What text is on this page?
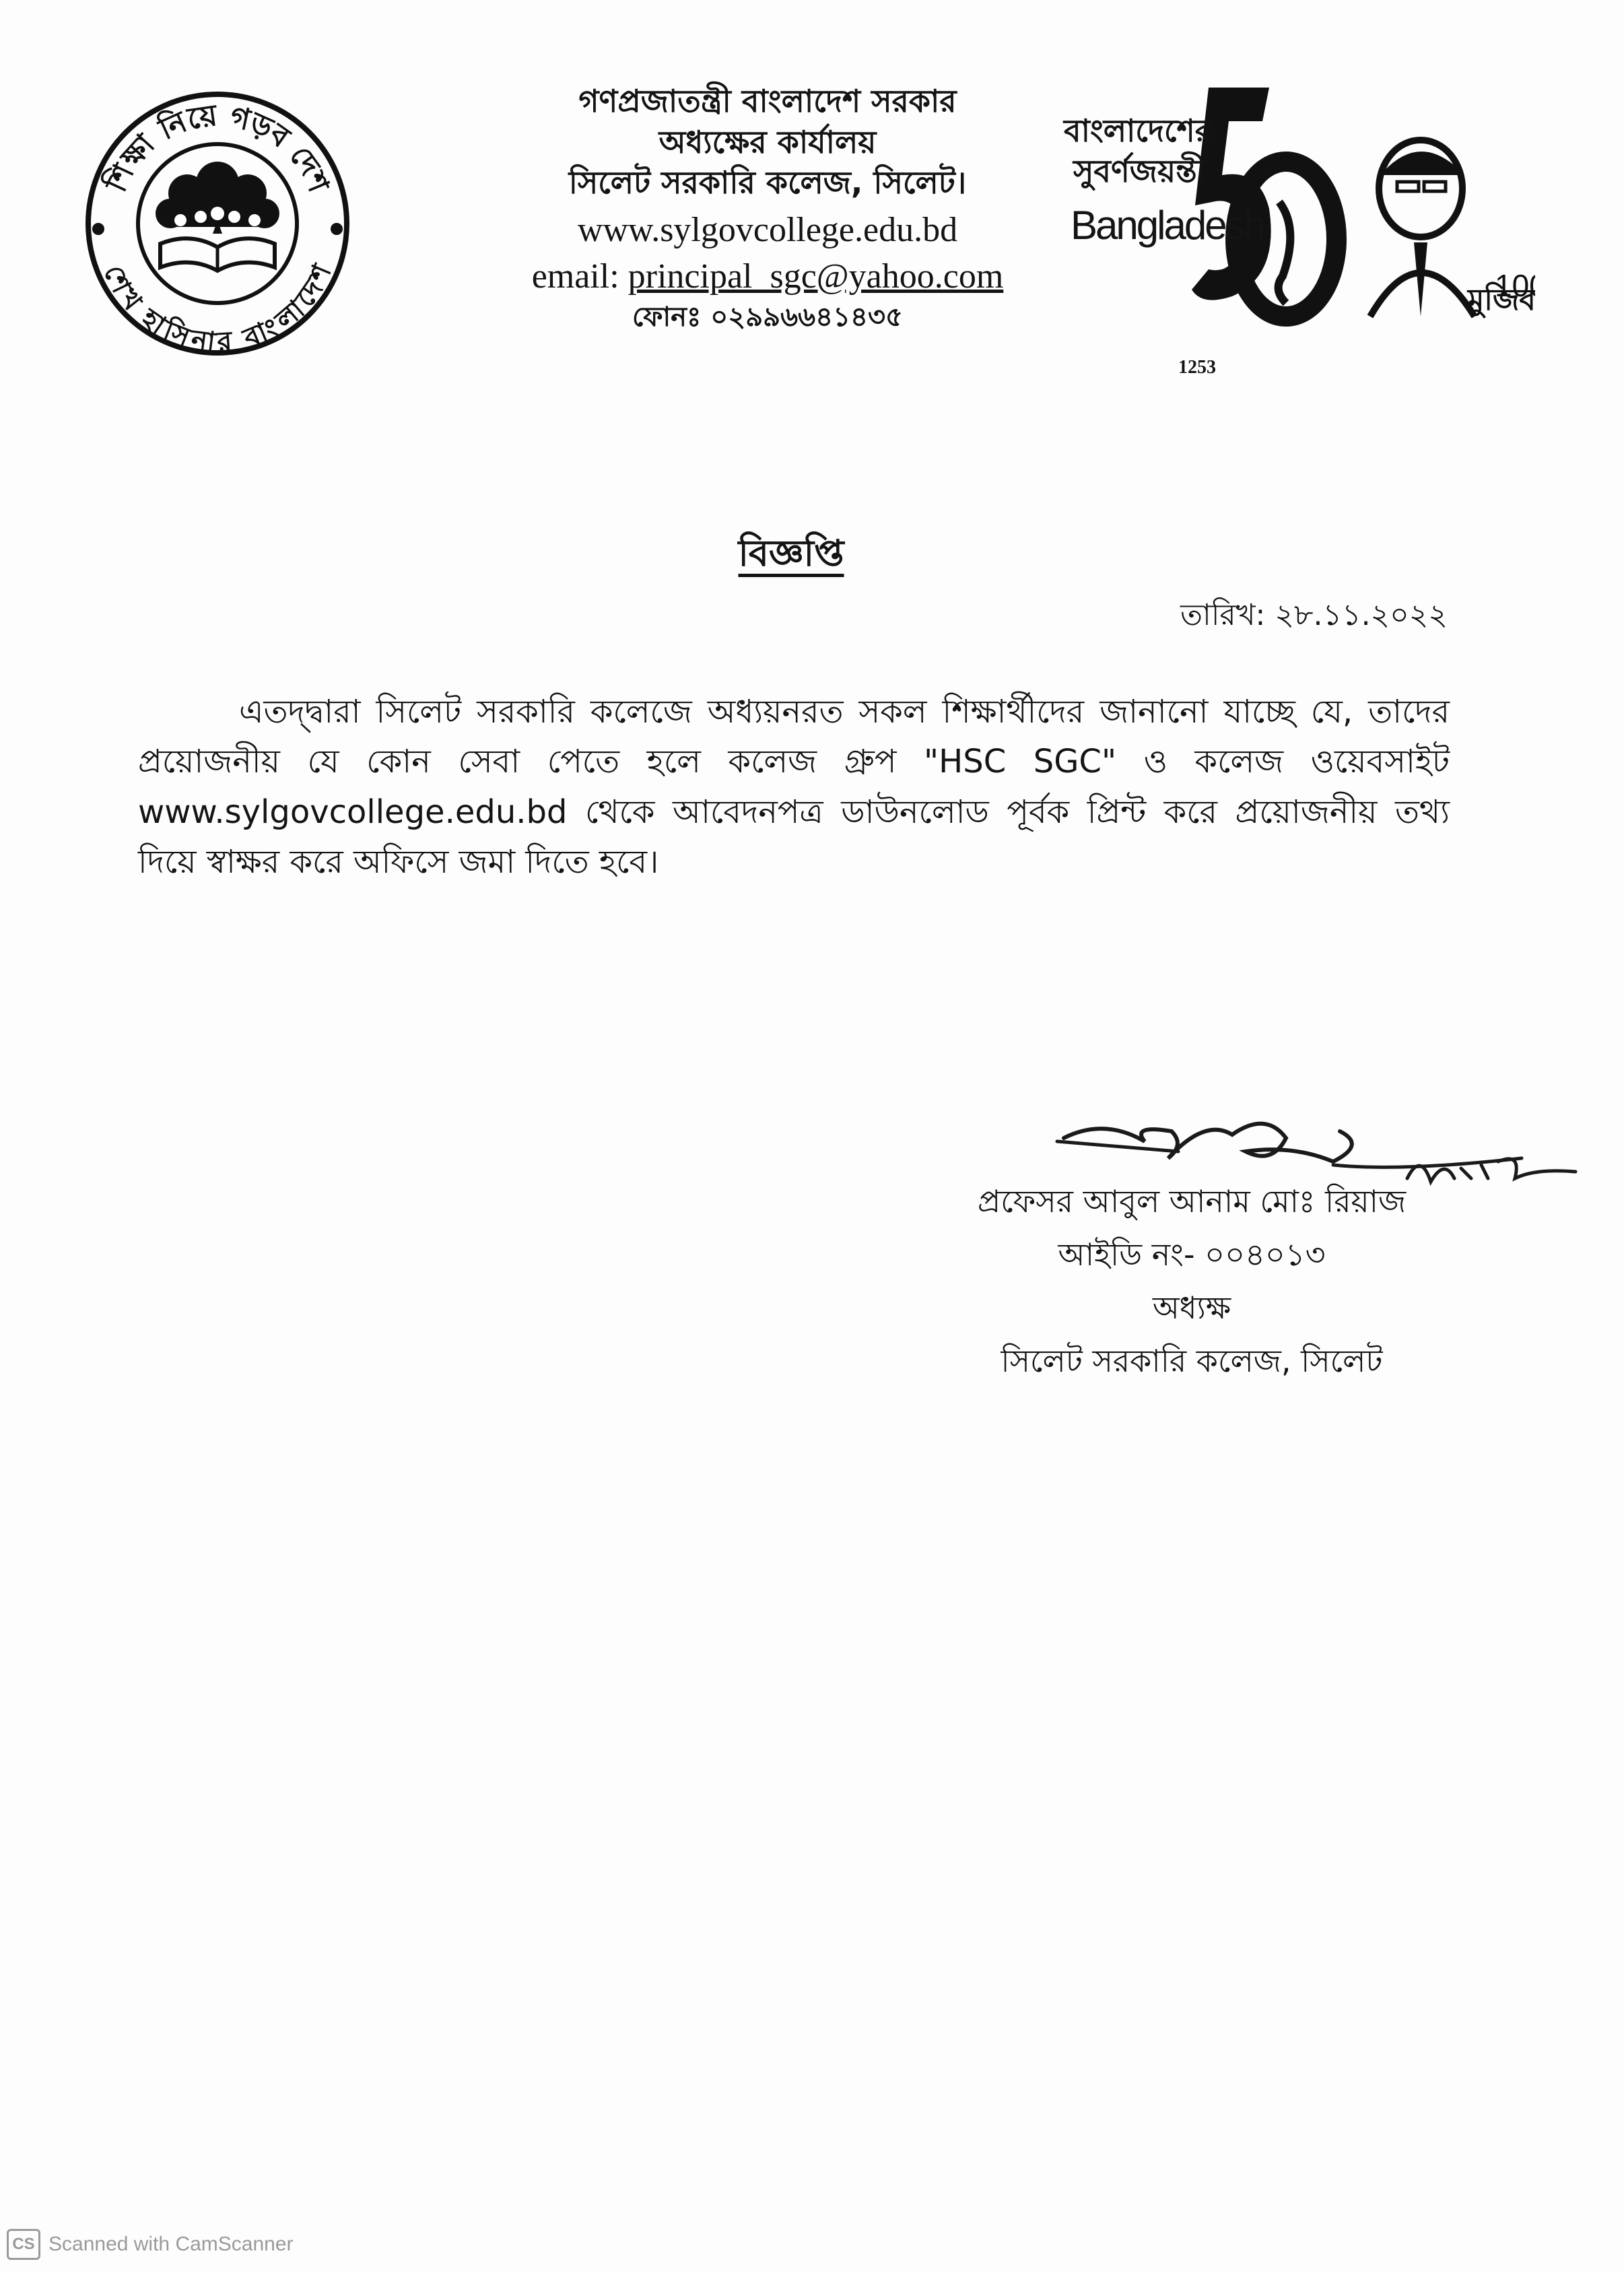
শিক্ষা নিয়ে গড়ব দেশ
শেখ হাসিনার বাংলাদেশ
গণপ্রজাতন্ত্রী বাংলাদেশ সরকার
অধ্যক্ষের কার্যালয়
সিলেট সরকারি কলেজ, সিলেট।
www.sylgovcollege.edu.bd
email: principal_sgc@yahoo.com
ফোনঃ ০২৯৯৬৬৪১৪৩৫
মুজিব
10
বাংলাদেশের
সুবর্ণজয়ন্তী
Bangladesh
1253
বিজ্ঞপ্তি
তারিখ: ২৮.১১.২০২২
এতদ্দ্বারা সিলেট সরকারি কলেজে অধ্যয়নরত সকল শিক্ষার্থীদের জানানো যাচ্ছে যে, তাদের প্রয়োজনীয় যে কোন সেবা পেতে হলে কলেজ গ্রুপ "HSC SGC" ও কলেজ ওয়েবসাইট www.sylgovcollege.edu.bd থেকে আবেদনপত্র ডাউনলোড পূর্বক প্রিন্ট করে প্রয়োজনীয় তথ্য দিয়ে স্বাক্ষর করে অফিসে জমা দিতে হবে।
প্রফেসর আবুল আনাম মোঃ রিয়াজ
আইডি নং- ০০৪০১৩
অধ্যক্ষ
সিলেট সরকারি কলেজ, সিলেট
CS Scanned with CamScanner
